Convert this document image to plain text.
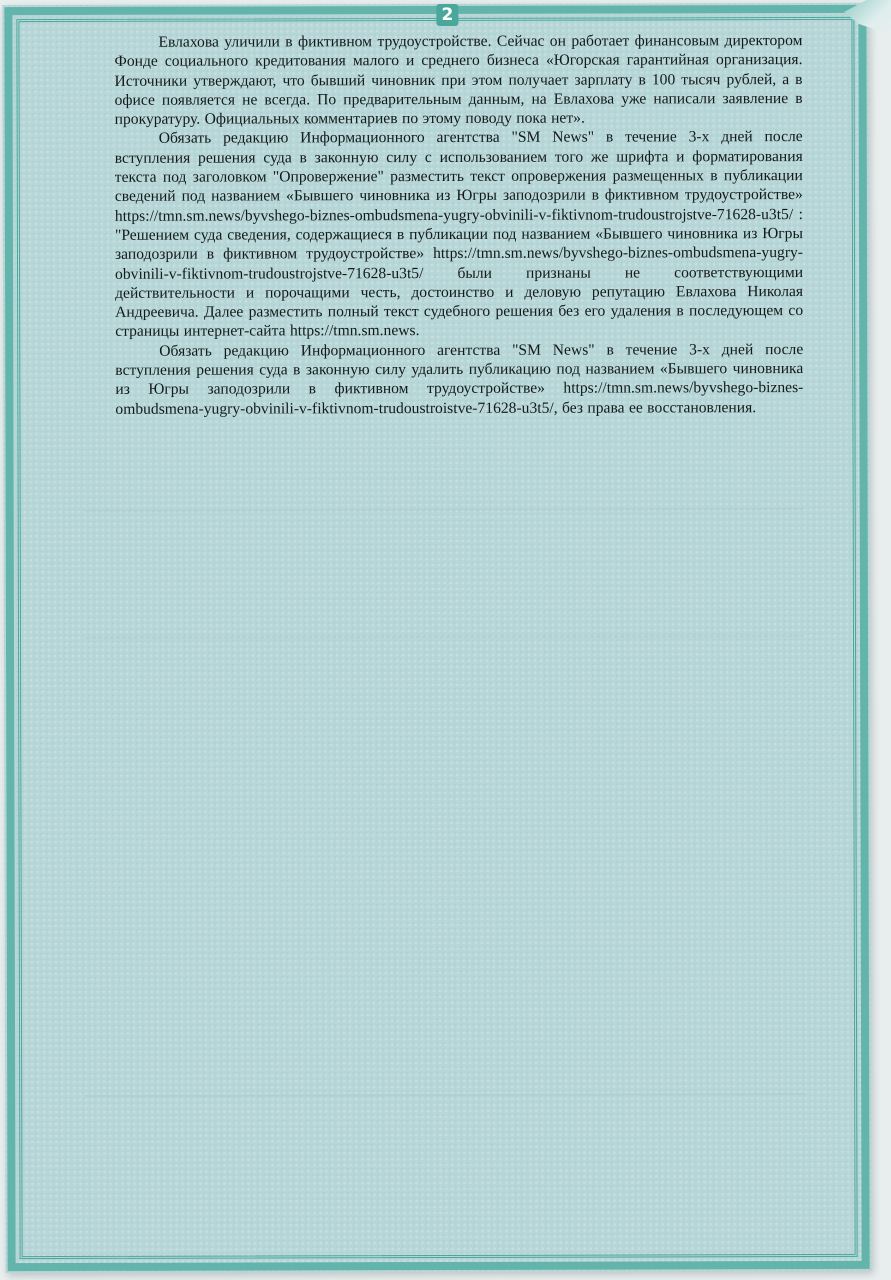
2

Евлахова уличили в фиктивном трудоустройстве. Сейчас он работает финансовым директором Фонде социального кредитования малого и среднего бизнеса «Югорская гарантийная организация. Источники утверждают, что бывший чиновник при этом получает зарплату в 100 тысяч рублей, а в офисе появляется не всегда. По предварительным данным, на Евлахова уже написали заявление в прокуратуру. Официальных комментариев по этому поводу пока нет».

Обязать редакцию Информационного агентства "SM News" в течение 3-х дней после вступления решения суда в законную силу с использованием того же шрифта и форматирования текста под заголовком "Опровержение" разместить текст опровержения размещенных в публикации сведений под названием «Бывшего чиновника из Югры заподозрили в фиктивном трудоустройстве» https://tmn.sm.news/byvshego-biznes-ombudsmena-yugry-obvinili-v-fiktivnom-trudoustrojstve-71628-u3t5/ : "Решением суда сведения, содержащиеся в публикации под названием «Бывшего чиновника из Югры заподозрили в фиктивном трудоустройстве» https://tmn.sm.news/byvshego-biznes-ombudsmena-yugry-obvinili-v-fiktivnom-trudoustrojstve-71628-u3t5/ были признаны не соответствующими действительности и порочащими честь, достоинство и деловую репутацию Евлахова Николая Андреевича. Далее разместить полный текст судебного решения без его удаления в последующем со страницы интернет-сайта https://tmn.sm.news.

Обязать редакцию Информационного агентства "SM News" в течение 3-х дней после вступления решения суда в законную силу удалить публикацию под названием «Бывшего чиновника из Югры заподозрили в фиктивном трудоустройстве» https://tmn.sm.news/byvshego-biznes-ombudsmena-yugry-obvinili-v-fiktivnom-trudoustroistve-71628-u3t5/, без права ее восстановления.
